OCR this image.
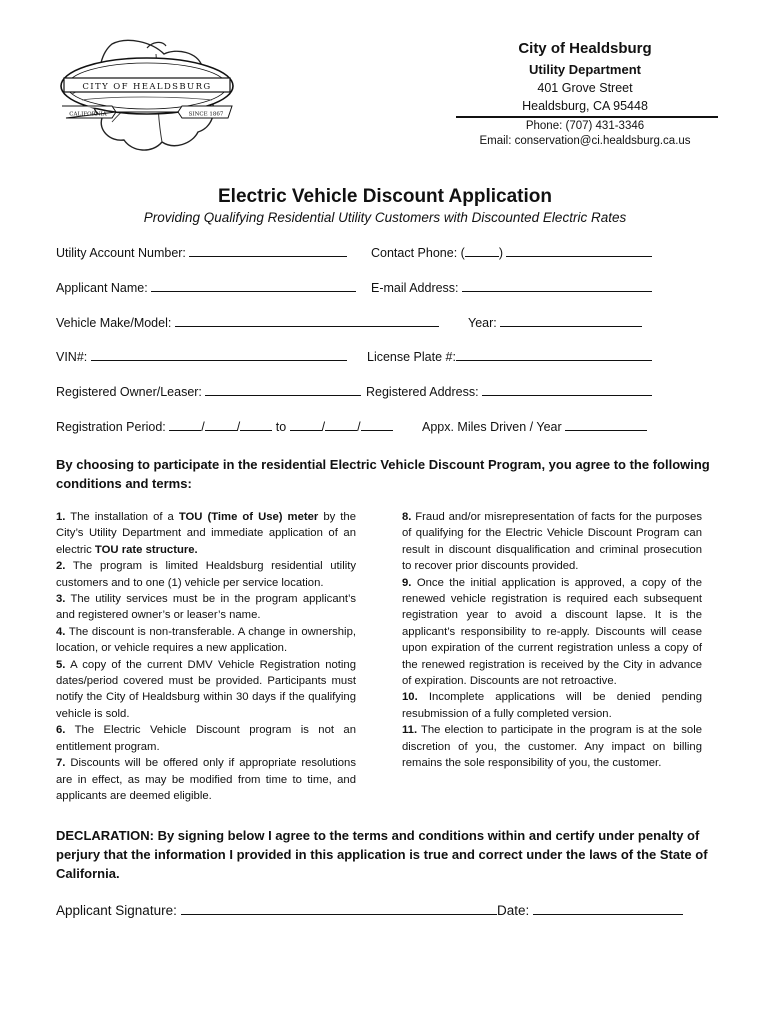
CITY OF HEALDSBURG
CALIFORNIA	SINCE 1867
City of Healdsburg
Utility Department
401 Grove Street
Healdsburg, CA 95448
Phone: (707) 431-3346
Email: conservation@ci.healdsburg.ca.us
Electric Vehicle Discount Application
Providing Qualifying Residential Utility Customers with Discounted Electric Rates
Utility Account Number:	Contact Phone: (	)
Applicant Name:	E-mail Address:
Vehicle Make/Model:	Year:
VIN#:	License Plate #:
Registered Owner/Leaser:	Registered Address:
Registration Period:	/	/	to	/	/	Appx. Miles Driven / Year
By choosing to participate in the residential Electric Vehicle Discount Program, you agree to the following conditions and terms:

1. The installation of a TOU (Time of Use) meter by the City’s Utility Department and immediate application of an electric TOU rate structure.

2. The program is limited Healdsburg residential utility customers and to one (1) vehicle per service location.

3. The utility services must be in the program applicant’s and registered owner’s or leaser’s name.

4. The discount is non-transferable. A change in ownership, location, or vehicle requires a new application.

5. A copy of the current DMV Vehicle Registration noting dates/period covered must be provided. Participants must notify the City of Healdsburg within 30 days if the qualifying vehicle is sold.

6. The Electric Vehicle Discount program is not an entitlement program.

7. Discounts will be offered only if appropriate resolutions are in effect, as may be modified from time to time, and applicants are deemed eligible.

8. Fraud and/or misrepresentation of facts for the purposes of qualifying for the Electric Vehicle Discount Program can result in discount disqualification and criminal prosecution to recover prior discounts provided.

9. Once the initial application is approved, a copy of the renewed vehicle registration is required each subsequent registration year to avoid a discount lapse. It is the applicant’s responsibility to re-apply. Discounts will cease upon expiration of the current registration unless a copy of the renewed registration is received by the City in advance of expiration. Discounts are not retroactive.

10. Incomplete applications will be denied pending resubmission of a fully completed version.

11. The election to participate in the program is at the sole discretion of you, the customer. Any impact on billing remains the sole responsibility of you, the customer.

DECLARATION: By signing below I agree to the terms and conditions within and certify under penalty of perjury that the information I provided in this application is true and correct under the laws of the State of California.
Applicant Signature:	Date:
